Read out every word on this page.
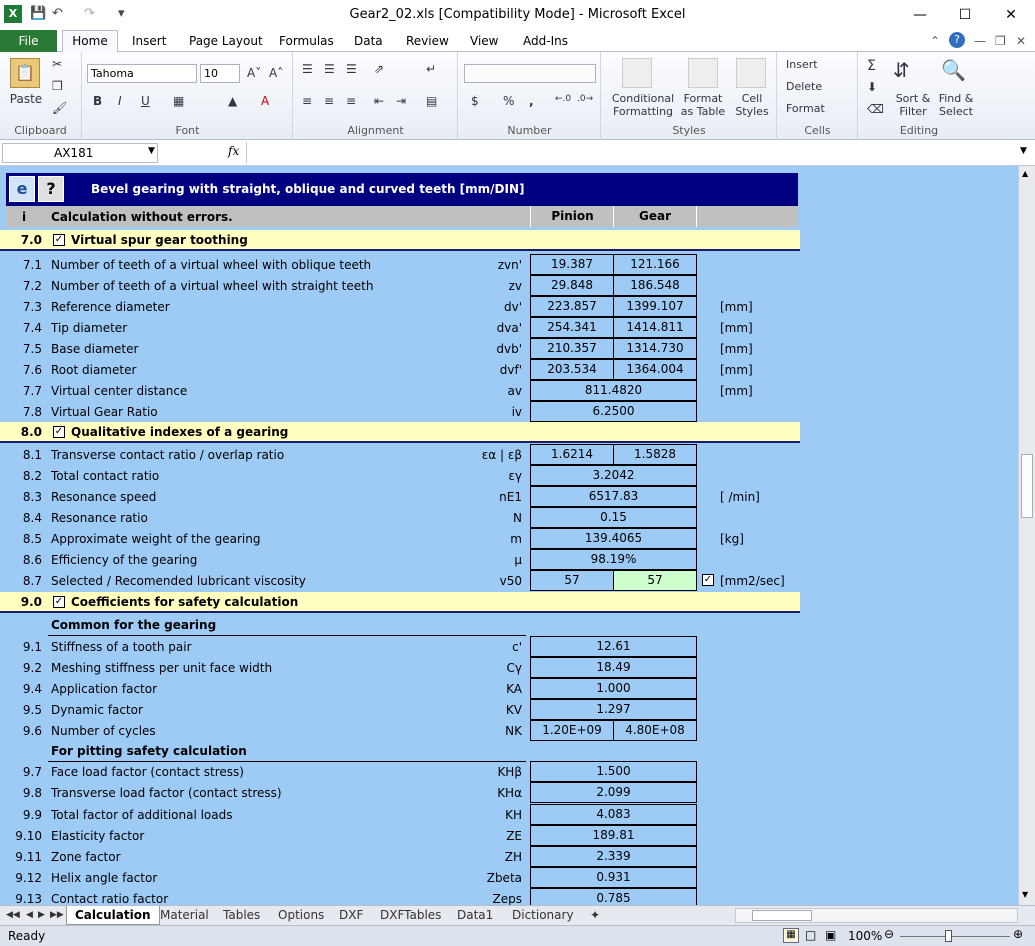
X 💾 ↶ ↷ ▾	Gear2_02.xls [Compatibility Mode] - Microsoft Excel	—	☐	✕
File	Home	Insert Page Layout Formulas Data Review View Add-Ins	⌃	?	— ❐ ✕
📋
Paste
✂
❐
🖌
Clipboard
Tahoma	10	A˅ A˄
B I U ▦	▲ A
Font
☰ ☰ ☰ ⇗	↵
≡ ≡ ≡ ⇤ ⇥ ▤
Alignment
$ % , ←.0 .0→
Number
Conditional Formatting
Format as Table
Cell Styles
Styles
Insert
Delete
Format
Cells
Σ
⬇
⌫
⇵
Sort & Filter
🔍
Find & Select
Editing
AX181	▼	fx	▼
e	?	Bevel gearing with straight, oblique and curved teeth [mm/DIN]
i Calculation without errors.	Pinion	Gear
7.0 ✓ Virtual spur gear toothing
7.1 Number of teeth of a virtual wheel with oblique teeth	zvn'	19.387	121.166
7.2 Number of teeth of a virtual wheel with straight teeth	zv	29.848	186.548
7.3 Reference diameter	dv'	223.857	1399.107	[mm]
7.4 Tip diameter	dva'	254.341	1414.811	[mm]
7.5 Base diameter	dvb'	210.357	1314.730	[mm]
7.6 Root diameter	dvf'	203.534	1364.004	[mm]
7.7 Virtual center distance	av	811.4820	[mm]
7.8 Virtual Gear Ratio	iv	6.2500
8.0 ✓ Qualitative indexes of a gearing
8.1 Transverse contact ratio / overlap ratio	εα | εβ	1.6214	1.5828
8.2 Total contact ratio	εγ	3.2042
8.3 Resonance speed	nE1	6517.83	[ /min]
8.4 Resonance ratio	N	0.15
8.5 Approximate weight of the gearing	m	139.4065	[kg]
8.6 Efficiency of the gearing	μ	98.19%
8.7 Selected / Recomended lubricant viscosity	v50	57	57	✓ [mm2/sec]
9.0 ✓ Coefficients for safety calculation
Common for the gearing
9.1 Stiffness of a tooth pair	c'	12.61
9.2 Meshing stiffness per unit face width	Cγ	18.49
9.4 Application factor	KA	1.000
9.5 Dynamic factor	KV	1.297
9.6 Number of cycles	NK	1.20E+09	4.80E+08
For pitting safety calculation
9.7 Face load factor (contact stress)	KHβ	1.500
9.8 Transverse load factor (contact stress)	KHα	2.099
9.9 Total factor of additional loads	KH	4.083
9.10 Elasticity factor	ZE	189.81
9.11 Zone factor	ZH	2.339
9.12 Helix angle factor	Zbeta	0.931
9.13 Contact ratio factor	Zeps	0.785
▲
▼
◀◀ ◀ ▶ ▶▶ Calculation Material Tables Options DXF DXFTables Data1 Dictionary ✦
Ready	▦ □ ▣ 100% ⊖	⊕
